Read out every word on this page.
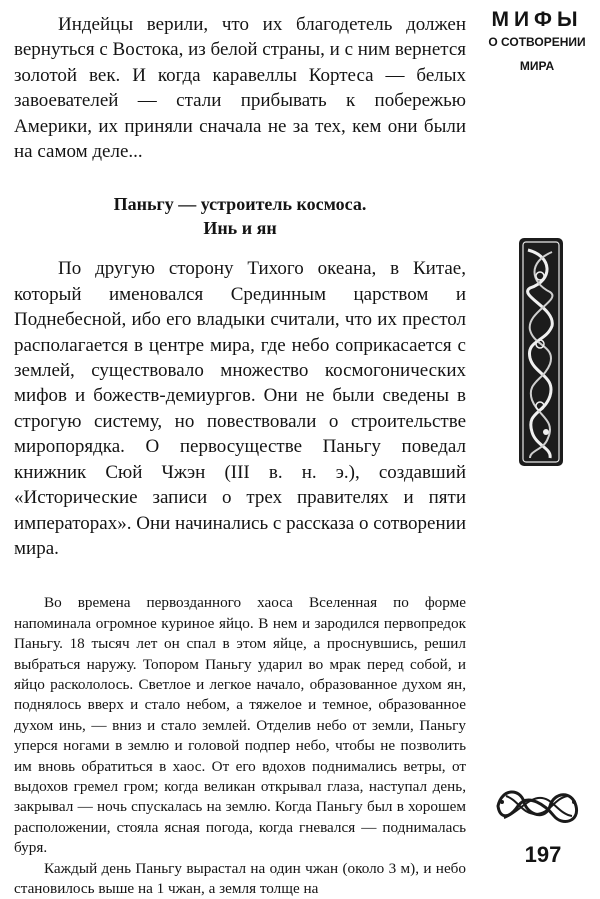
Индейцы верили, что их благодетель должен вернуться с Востока, из белой страны, и с ним вернется золотой век. И когда каравеллы Кортеса — белых завоевателей — стали прибывать к побережью Америки, их приняли сначала не за тех, кем они были на самом деле...

Паньгу — устроитель космоса.
Инь и ян

По другую сторону Тихого океана, в Китае, который именовался Срединным царством и Поднебесной, ибо его владыки считали, что их престол располагается в центре мира, где небо соприкасается с землей, существовало множество космогонических мифов и божеств-демиургов. Они не были сведены в строгую систему, но повествовали о строительстве миропорядка. О первосуществе Паньгу поведал книжник Сюй Чжэн (III в. н. э.), создавший «Исторические записи о трех правителях и пяти императорах». Они начинались с рассказа о сотворении мира.

Во времена первозданного хаоса Вселенная по форме напоминала огромное куриное яйцо. В нем и зародился первопредок Паньгу. 18 тысяч лет он спал в этом яйце, а проснувшись, решил выбраться наружу. Топором Паньгу ударил во мрак перед собой, и яйцо раскололось. Светлое и легкое начало, образованное духом ян, поднялось вверх и стало небом, а тяжелое и темное, образованное духом инь, — вниз и стало землей. Отделив небо от земли, Паньгу уперся ногами в землю и головой подпер небо, чтобы не позволить им вновь обратиться в хаос. От его вдохов поднимались ветры, от выдохов гремел гром; когда великан открывал глаза, наступал день, закрывал — ночь спускалась на землю. Когда Паньгу был в хорошем расположении, стояла ясная погода, когда гневался — поднималась буря.

Каждый день Паньгу вырастал на один чжан (около 3 м), и небо становилось выше на 1 чжан, а земля толще на

МИФЫ
О СОТВОРЕНИИ
МИРА
197
